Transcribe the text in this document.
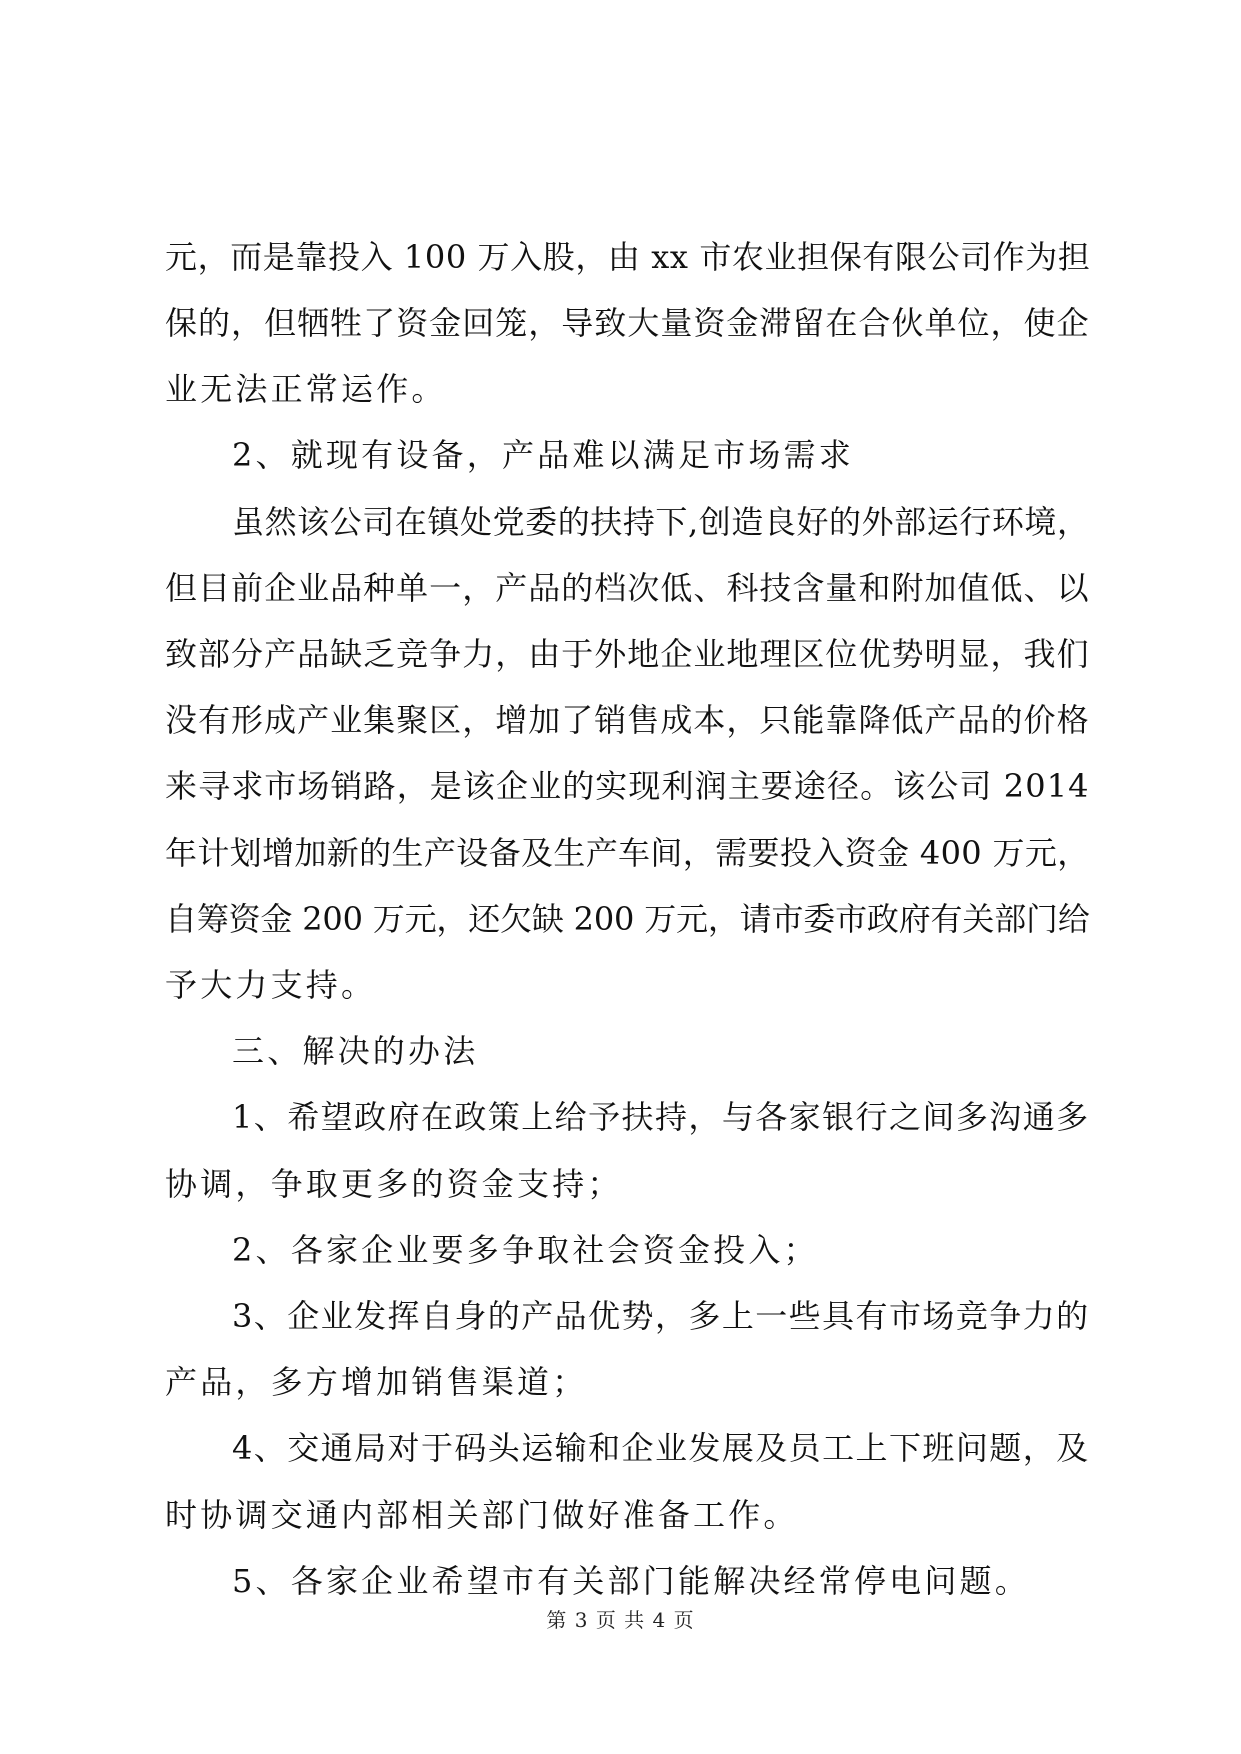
元，而是靠投入 100 万入股，由 xx 市农业担保有限公司作为担
保的，但牺牲了资金回笼，导致大量资金滞留在合伙单位，使企
业无法正常运作。
2、就现有设备，产品难以满足市场需求
虽然该公司在镇处党委的扶持下,创造良好的外部运行环境，
但目前企业品种单一，产品的档次低、科技含量和附加值低、以
致部分产品缺乏竞争力，由于外地企业地理区位优势明显，我们
没有形成产业集聚区，增加了销售成本，只能靠降低产品的价格
来寻求市场销路，是该企业的实现利润主要途径。该公司 2014
年计划增加新的生产设备及生产车间，需要投入资金 400 万元，
自筹资金 200 万元，还欠缺 200 万元，请市委市政府有关部门给
予大力支持。
三、解决的办法
1、希望政府在政策上给予扶持，与各家银行之间多沟通多
协调，争取更多的资金支持；
2、各家企业要多争取社会资金投入；
3、企业发挥自身的产品优势，多上一些具有市场竞争力的
产品，多方增加销售渠道；
4、交通局对于码头运输和企业发展及员工上下班问题，及
时协调交通内部相关部门做好准备工作。
5、各家企业希望市有关部门能解决经常停电问题。
第 3 页 共 4 页
